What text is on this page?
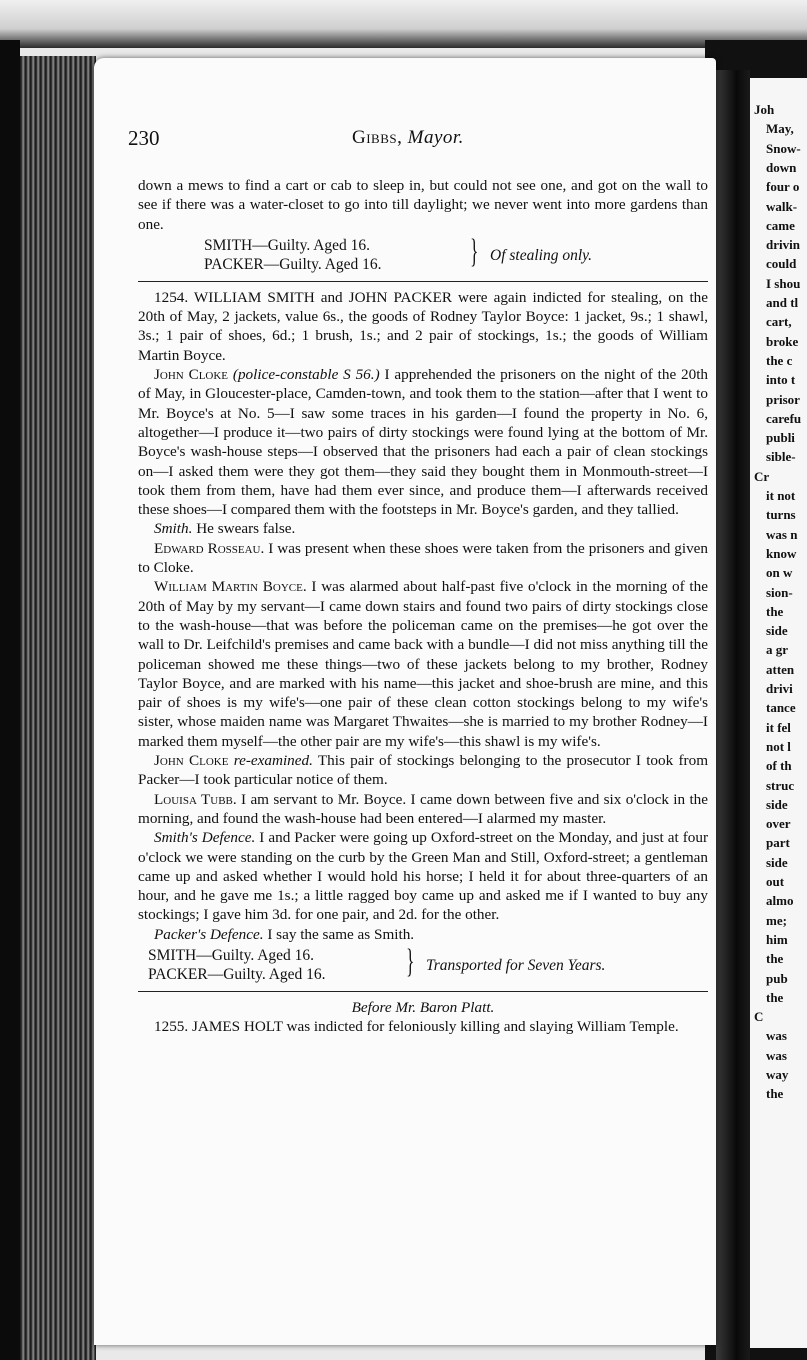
Joh
May,
Snow-
down
four o
walk-
came
drivin
could
I shou
and tl
cart,
broke
the c
into t
prisor
carefu
publi
sible-
Cr
it not
turns
was n
know
on w
sion-
the
side
a gr
atten
drivi
tance
it fel
not l
of th
struc
side
over
part
side
out
almo
me;
him
the
pub
the
C
was
was
way
the
230	Gibbs, Mayor.

down a mews to find a cart or cab to sleep in, but could not see one, and got on the wall to see if there was a water-closet to go into till daylight; we never went into more gardens than one.

SMITH—Guilty. Aged 16.
PACKER—Guilty. Aged 16.	} Of stealing only.

1254. WILLIAM SMITH and JOHN PACKER were again indicted for stealing, on the 20th of May, 2 jackets, value 6s., the goods of Rodney Taylor Boyce: 1 jacket, 9s.; 1 shawl, 3s.; 1 pair of shoes, 6d.; 1 brush, 1s.; and 2 pair of stockings, 1s.; the goods of William Martin Boyce.

John Cloke (police-constable S 56.) I apprehended the prisoners on the night of the 20th of May, in Gloucester-place, Camden-town, and took them to the station—after that I went to Mr. Boyce's at No. 5—I saw some traces in his garden—I found the property in No. 6, altogether—I produce it—two pairs of dirty stockings were found lying at the bottom of Mr. Boyce's wash-house steps—I observed that the prisoners had each a pair of clean stockings on—I asked them were they got them—they said they bought them in Monmouth-street—I took them from them, have had them ever since, and produce them—I afterwards received these shoes—I compared them with the footsteps in Mr. Boyce's garden, and they tallied.

Smith. He swears false.

Edward Rosseau. I was present when these shoes were taken from the prisoners and given to Cloke.

William Martin Boyce. I was alarmed about half-past five o'clock in the morning of the 20th of May by my servant—I came down stairs and found two pairs of dirty stockings close to the wash-house—that was before the policeman came on the premises—he got over the wall to Dr. Leifchild's premises and came back with a bundle—I did not miss anything till the policeman showed me these things—two of these jackets belong to my brother, Rodney Taylor Boyce, and are marked with his name—this jacket and shoe-brush are mine, and this pair of shoes is my wife's—one pair of these clean cotton stockings belong to my wife's sister, whose maiden name was Margaret Thwaites—she is married to my brother Rodney—I marked them myself—the other pair are my wife's—this shawl is my wife's.

John Cloke re-examined. This pair of stockings belonging to the prosecutor I took from Packer—I took particular notice of them.

Louisa Tubb. I am servant to Mr. Boyce. I came down between five and six o'clock in the morning, and found the wash-house had been entered—I alarmed my master.

Smith's Defence. I and Packer were going up Oxford-street on the Monday, and just at four o'clock we were standing on the curb by the Green Man and Still, Oxford-street; a gentleman came up and asked whether I would hold his horse; I held it for about three-quarters of an hour, and he gave me 1s.; a little ragged boy came up and asked me if I wanted to buy any stockings; I gave him 3d. for one pair, and 2d. for the other.

Packer's Defence. I say the same as Smith.

SMITH—Guilty. Aged 16.
PACKER—Guilty. Aged 16. } Transported for Seven Years.

Before Mr. Baron Platt.

1255. JAMES HOLT was indicted for feloniously killing and slaying William Temple.
